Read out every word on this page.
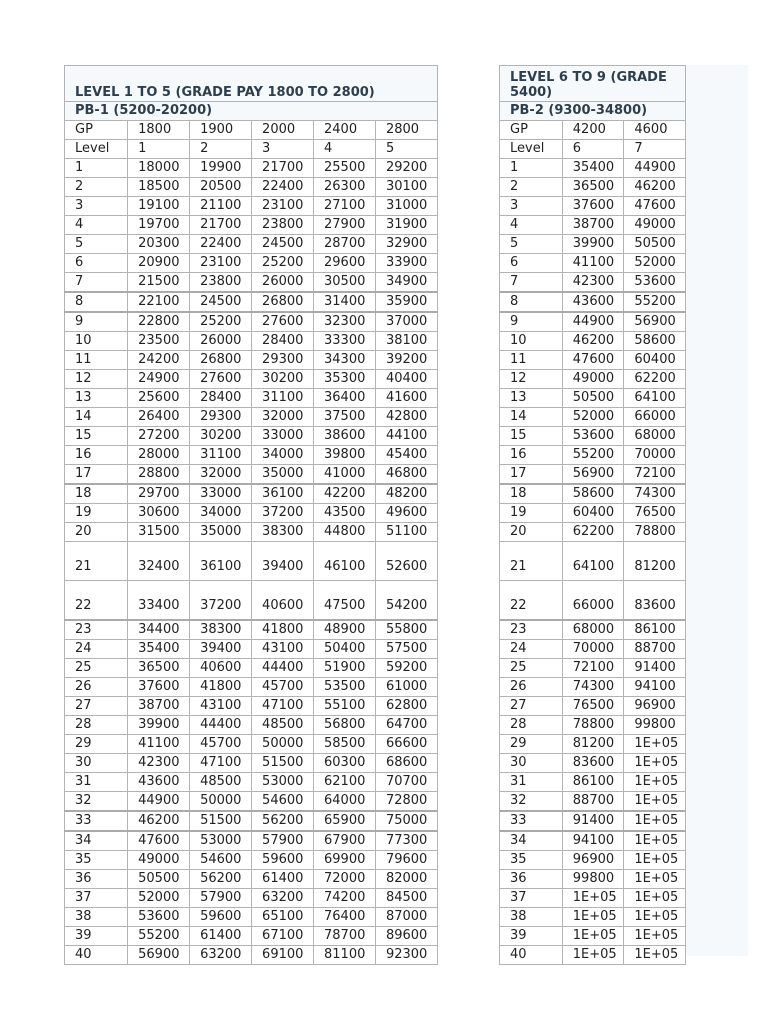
LEVEL 1 TO 5 (GRADE PAY 1800 TO 2800)					
PB-1 (5200-20200)					
GP	1800	1900	2000	2400	2800
Level	1	2	3	4	5
1	18000	19900	21700	25500	29200
2	18500	20500	22400	26300	30100
3	19100	21100	23100	27100	31000
4	19700	21700	23800	27900	31900
5	20300	22400	24500	28700	32900
6	20900	23100	25200	29600	33900
7	21500	23800	26000	30500	34900
8	22100	24500	26800	31400	35900
9	22800	25200	27600	32300	37000
10	23500	26000	28400	33300	38100
11	24200	26800	29300	34300	39200
12	24900	27600	30200	35300	40400
13	25600	28400	31100	36400	41600
14	26400	29300	32000	37500	42800
15	27200	30200	33000	38600	44100
16	28000	31100	34000	39800	45400
17	28800	32000	35000	41000	46800
18	29700	33000	36100	42200	48200
19	30600	34000	37200	43500	49600
20	31500	35000	38300	44800	51100
21	32400	36100	39400	46100	52600
22	33400	37200	40600	47500	54200
23	34400	38300	41800	48900	55800
24	35400	39400	43100	50400	57500
25	36500	40600	44400	51900	59200
26	37600	41800	45700	53500	61000
27	38700	43100	47100	55100	62800
28	39900	44400	48500	56800	64700
29	41100	45700	50000	58500	66600
30	42300	47100	51500	60300	68600
31	43600	48500	53000	62100	70700
32	44900	50000	54600	64000	72800
33	46200	51500	56200	65900	75000
34	47600	53000	57900	67900	77300
35	49000	54600	59600	69900	79600
36	50500	56200	61400	72000	82000
37	52000	57900	63200	74200	84500
38	53600	59600	65100	76400	87000
39	55200	61400	67100	78700	89600
40	56900	63200	69100	81100	92300
LEVEL 6 TO 9 (GRADE 5400)		
PB-2 (9300-34800)		
GP	4200	4600
Level	6	7
1	35400	44900
2	36500	46200
3	37600	47600
4	38700	49000
5	39900	50500
6	41100	52000
7	42300	53600
8	43600	55200
9	44900	56900
10	46200	58600
11	47600	60400
12	49000	62200
13	50500	64100
14	52000	66000
15	53600	68000
16	55200	70000
17	56900	72100
18	58600	74300
19	60400	76500
20	62200	78800
21	64100	81200
22	66000	83600
23	68000	86100
24	70000	88700
25	72100	91400
26	74300	94100
27	76500	96900
28	78800	99800
29	81200	1E+05
30	83600	1E+05
31	86100	1E+05
32	88700	1E+05
33	91400	1E+05
34	94100	1E+05
35	96900	1E+05
36	99800	1E+05
37	1E+05	1E+05
38	1E+05	1E+05
39	1E+05	1E+05
40	1E+05	1E+05
